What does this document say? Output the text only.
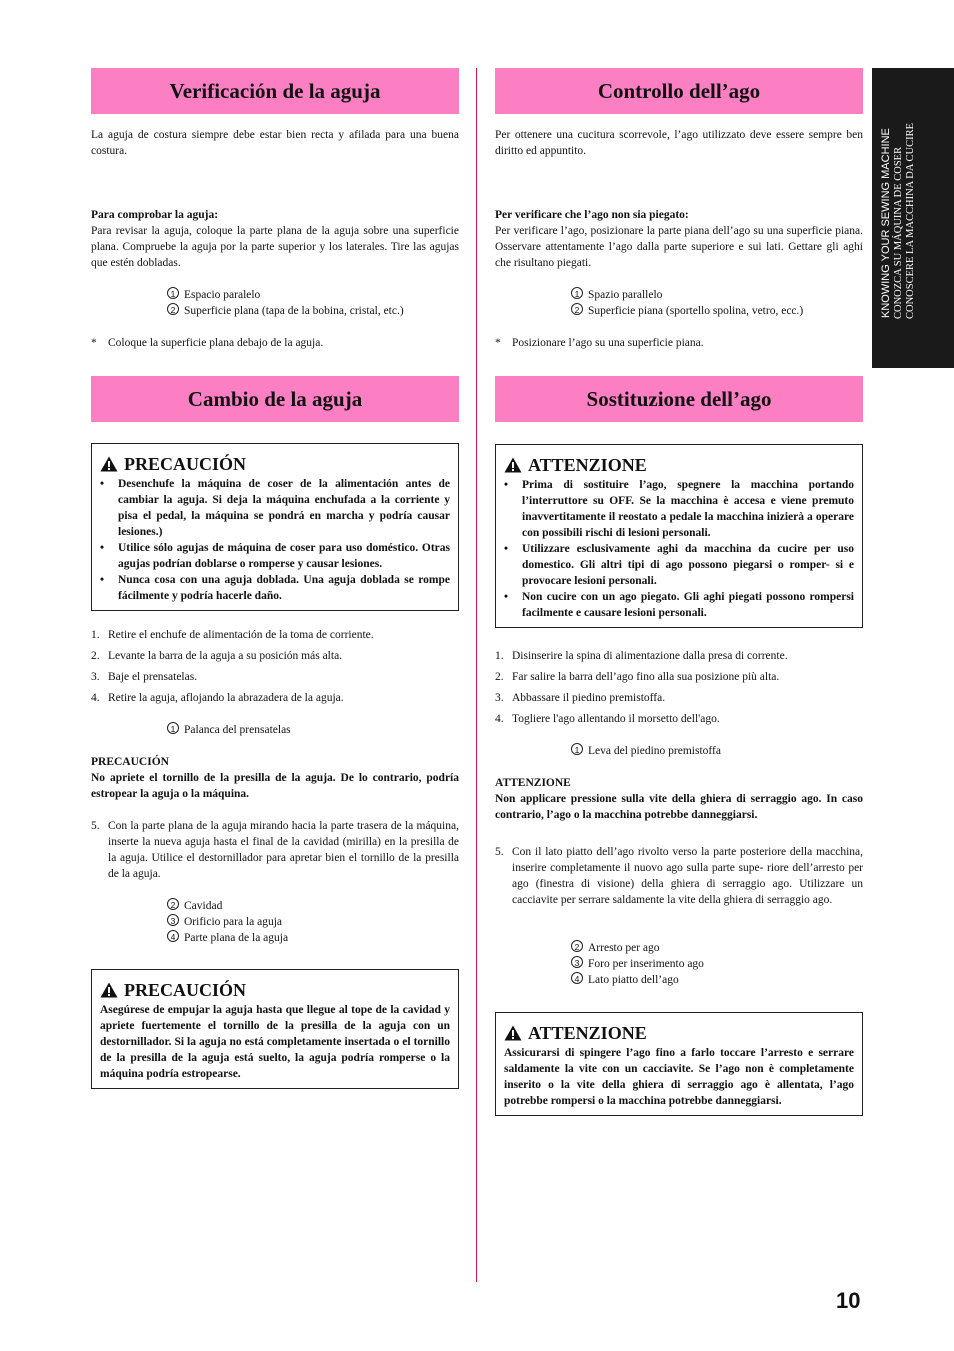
Verificación de la aguja

La aguja de costura siempre debe estar bien recta y afilada para una buena costura.

Para comprobar la aguja:

Para revisar la aguja, coloque la parte plana de la aguja sobre una superficie plana. Compruebe la aguja por la parte superior y los laterales. Tire las agujas que estén dobladas.

1 Espacio paralelo
2 Superficie plana (tapa de la bobina, cristal, etc.)
* Coloque la superficie plana debajo de la aguja.
Cambio de la aguja
PRECAUCIÓN
• Desenchufe la máquina de coser de la alimentación antes de cambiar la aguja. Si deja la máquina enchufada a la corriente y pisa el pedal, la máquina se pondrá en marcha y podría causar lesiones.)
• Utilice sólo agujas de máquina de coser para uso doméstico. Otras agujas podrían doblarse o romperse y causar lesiones.
• Nunca cosa con una aguja doblada. Una aguja doblada se rompe fácilmente y podría hacerle daño.
1. Retire el enchufe de alimentación de la toma de corriente.
2. Levante la barra de la aguja a su posición más alta.
3. Baje el prensatelas.
4. Retire la aguja, aflojando la abrazadera de la aguja.
1 Palanca del prensatelas

PRECAUCIÓN

No apriete el tornillo de la presilla de la aguja. De lo contrario, podría estropear la aguja o la máquina.

5. Con la parte plana de la aguja mirando hacia la parte trasera de la máquina, inserte la nueva aguja hasta el final de la cavidad (mirilla) en la presilla de la aguja. Utilice el destornillador para apretar bien el tornillo de la presilla de la aguja.
2 Cavidad
3 Orificio para la aguja
4 Parte plana de la aguja
PRECAUCIÓN

Asegúrese de empujar la aguja hasta que llegue al tope de la cavidad y apriete fuertemente el tornillo de la presilla de la aguja con un destornillador. Si la aguja no está completamente insertada o el tornillo de la presilla de la aguja está suelto, la aguja podría romperse o la máquina podría estropearse.

Controllo dell’ago

Per ottenere una cucitura scorrevole, l’ago utilizzato deve essere sempre ben diritto ed appuntito.

Per verificare che l’ago non sia piegato:

Per verificare l’ago, posizionare la parte piana dell’ago su una superficie piana. Osservare attentamente l’ago dalla parte superiore e sui lati. Gettare gli aghi che risultano piegati.

1 Spazio parallelo
2 Superficie piana (sportello spolina, vetro, ecc.)
* Posizionare l’ago su una superficie piana.
Sostituzione dell’ago
ATTENZIONE
• Prima di sostituire l’ago, spegnere la macchina portando l’interruttore su OFF. Se la macchina è accesa e viene premuto inavvertitamente il reostato a pedale la macchina inizierà a operare con possibili rischi di lesioni personali.
• Utilizzare esclusivamente aghi da macchina da cucire per uso domestico. Gli altri tipi di ago possono piegarsi o romper- si e provocare lesioni personali.
• Non cucire con un ago piegato. Gli aghi piegati possono rompersi facilmente e causare lesioni personali.
1. Disinserire la spina di alimentazione dalla presa di corrente.
2. Far salire la barra dell’ago fino alla sua posizione più alta.
3. Abbassare il piedino premistoffa.
4. Togliere l'ago allentando il morsetto dell'ago.
1 Leva del piedino premistoffa

ATTENZIONE

Non applicare pressione sulla vite della ghiera di serraggio ago. In caso contrario, l’ago o la macchina potrebbe danneggiarsi.

5. Con il lato piatto dell’ago rivolto verso la parte posteriore della macchina, inserire completamente il nuovo ago sulla parte supe- riore dell’arresto per ago (finestra di visione) della ghiera di serraggio ago. Utilizzare un cacciavite per serrare saldamente la vite della ghiera di serraggio ago.
2 Arresto per ago
3 Foro per inserimento ago
4 Lato piatto dell’ago
ATTENZIONE

Assicurarsi di spingere l’ago fino a farlo toccare l’arresto e serrare saldamente la vite con un cacciavite. Se l’ago non è completamente inserito o la vite della ghiera di serraggio ago è allentata, l’ago potrebbe rompersi o la macchina potrebbe danneggiarsi.

KNOWING YOUR SEWING MACHINE CONOZCA SU MÁQUINA DE COSER CONOSCERE LA MACCHINA DA CUCIRE
10
